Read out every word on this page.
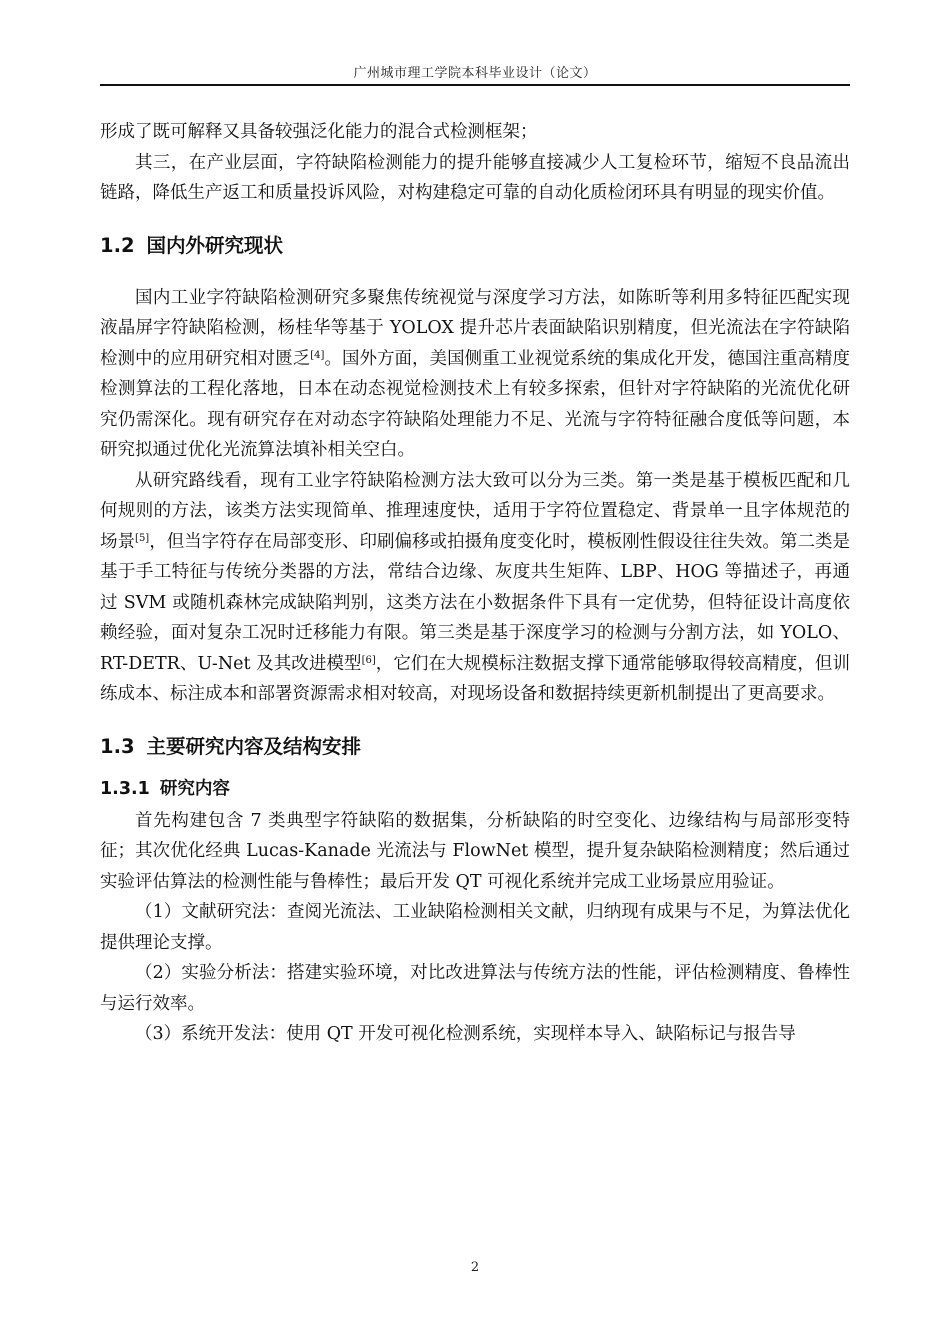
广州城市理工学院本科毕业设计（论文）

形成了既可解释又具备较强泛化能力的混合式检测框架；

其三，在产业层面，字符缺陷检测能力的提升能够直接减少人工复检环节，缩短不良品流出链路，降低生产返工和质量投诉风险，对构建稳定可靠的自动化质检闭环具有明显的现实价值。

1.2 国内外研究现状

国内工业字符缺陷检测研究多聚焦传统视觉与深度学习方法，如陈昕等利用多特征匹配实现液晶屏字符缺陷检测，杨桂华等基于 YOLOX 提升芯片表面缺陷识别精度，但光流法在字符缺陷检测中的应用研究相对匮乏[4]。国外方面，美国侧重工业视觉系统的集成化开发，德国注重高精度检测算法的工程化落地，日本在动态视觉检测技术上有较多探索，但针对字符缺陷的光流优化研究仍需深化。现有研究存在对动态字符缺陷处理能力不足、光流与字符特征融合度低等问题，本研究拟通过优化光流算法填补相关空白。

从研究路线看，现有工业字符缺陷检测方法大致可以分为三类。第一类是基于模板匹配和几何规则的方法，该类方法实现简单、推理速度快，适用于字符位置稳定、背景单一且字体规范的场景[5]，但当字符存在局部变形、印刷偏移或拍摄角度变化时，模板刚性假设往往失效。第二类是基于手工特征与传统分类器的方法，常结合边缘、灰度共生矩阵、LBP、HOG 等描述子，再通过 SVM 或随机森林完成缺陷判别，这类方法在小数据条件下具有一定优势，但特征设计高度依赖经验，面对复杂工况时迁移能力有限。第三类是基于深度学习的检测与分割方法，如 YOLO、RT-DETR、U-Net 及其改进模型[6]，它们在大规模标注数据支撑下通常能够取得较高精度，但训练成本、标注成本和部署资源需求相对较高，对现场设备和数据持续更新机制提出了更高要求。

1.3 主要研究内容及结构安排
1.3.1 研究内容

首先构建包含 7 类典型字符缺陷的数据集，分析缺陷的时空变化、边缘结构与局部形变特征；其次优化经典 Lucas-Kanade 光流法与 FlowNet 模型，提升复杂缺陷检测精度；然后通过实验评估算法的检测性能与鲁棒性；最后开发 QT 可视化系统并完成工业场景应用验证。

（1）文献研究法：查阅光流法、工业缺陷检测相关文献，归纳现有成果与不足，为算法优化提供理论支撑。

（2）实验分析法：搭建实验环境，对比改进算法与传统方法的性能，评估检测精度、鲁棒性与运行效率。

（3）系统开发法：使用 QT 开发可视化检测系统，实现样本导入、缺陷标记与报告导

2
